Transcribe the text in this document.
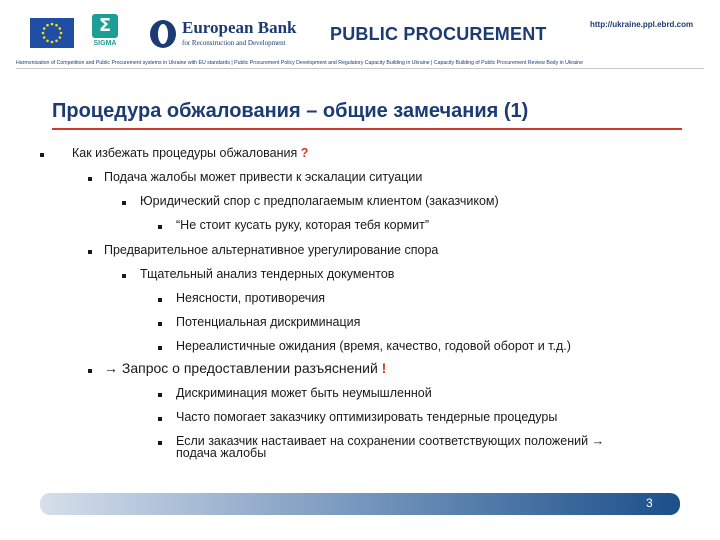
Σ
SIGMA
European Bank
for Reconstruction and Development PUBLIC PROCUREMENT	http://ukraine.ppl.ebrd.com
Harmonisation of Competition and Public Procurement systems in Ukraine with EU standards | Public Procurement Policy Development and Regulatory Capacity Building in Ukraine | Capacity Building of Public Procurement Review Body in Ukraine
Процедура обжалования – общие замечания (1)
Как избежать процедуры обжалования ?
Подача жалобы может привести к эскалации ситуации
Юридический спор с предполагаемым клиентом (заказчиком)
“Не стоит кусать руку, которая тебя кормит”
Предварительное альтернативное урегулирование спора
Тщательный анализ тендерных документов
Неясности, противоречия
Потенциальная дискриминация
Нереалистичные ожидания (время, качество, годовой оборот и т.д.)
→ Запрос о предоставлении разъяснений !
Дискриминация может быть неумышленной
Часто помогает заказчику оптимизировать тендерные процедуры
Если заказчик настаивает на сохранении соответствующих положений →
подача жалобы
3
